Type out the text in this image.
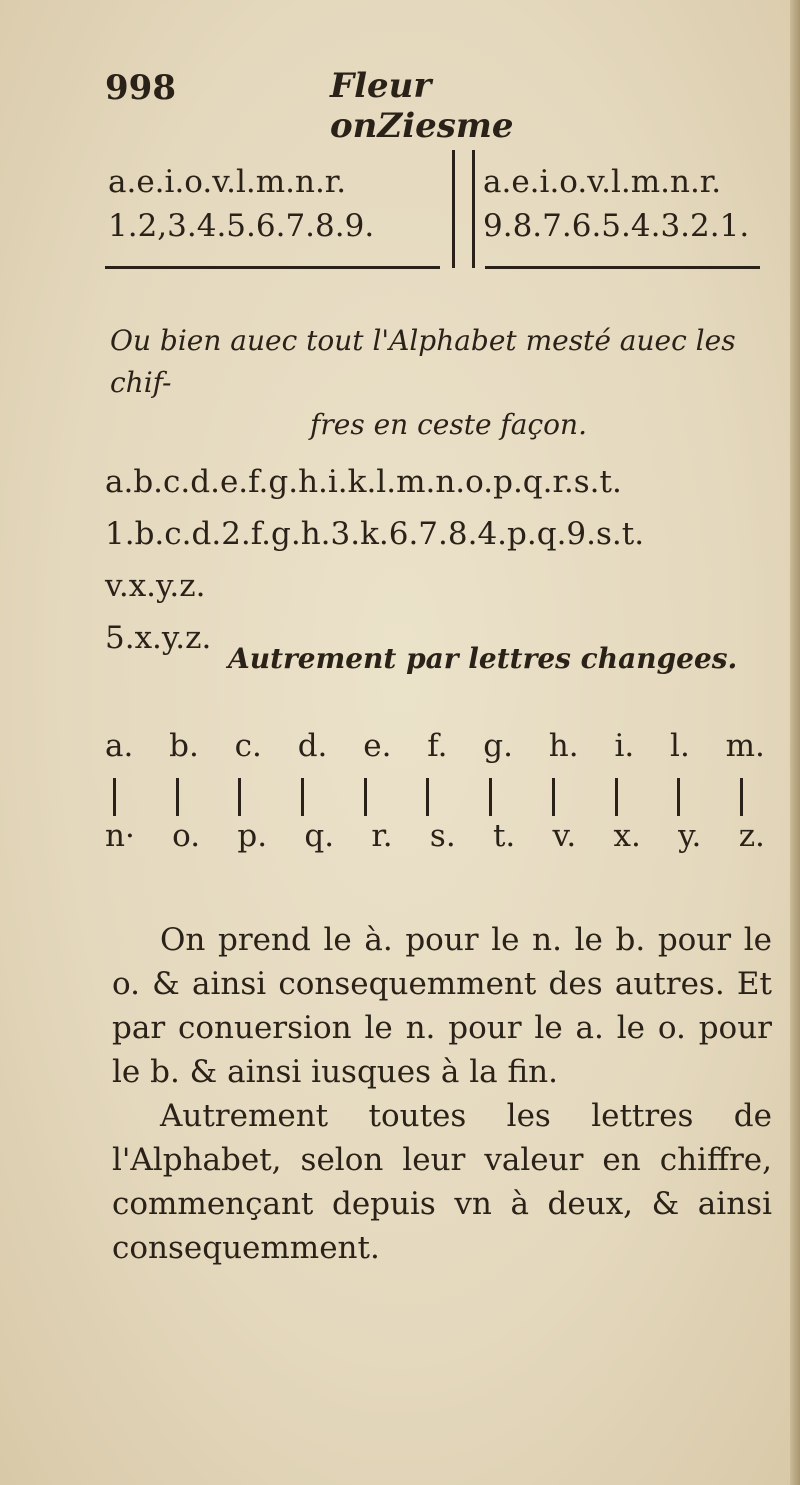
998	Fleur onZiesme
a.e.i.o.v.l.m.n.r.
1.2,3.4.5.6.7.8.9.
a.e.i.o.v.l.m.n.r.
9.8.7.6.5.4.3.2.1.
Ou bien auec tout l'Alphabet mesté auec les chif-
fres en ceste façon.
a.b.c.d.e.f.g.h.i.k.l.m.n.o.p.q.r.s.t.
1.b.c.d.2.f.g.h.3.k.6.7.8.4.p.q.9.s.t.
v.x.y.z.
5.x.y.z.
Autrement par lettres changees.
a. b. c. d. e. f. g. h. i. l. m.
n· o. p. q. r. s. t. v. x. y. z.

On prend le à. pour le n. le b. pour le o. & ainsi consequemment des autres. Et par conuersion le n. pour le a. le o. pour le b. & ainsi iusques à la fin.

Autrement toutes les lettres de l'Alphabet, selon leur valeur en chiffre, commençant depuis vn à deux, & ainsi consequemment.
